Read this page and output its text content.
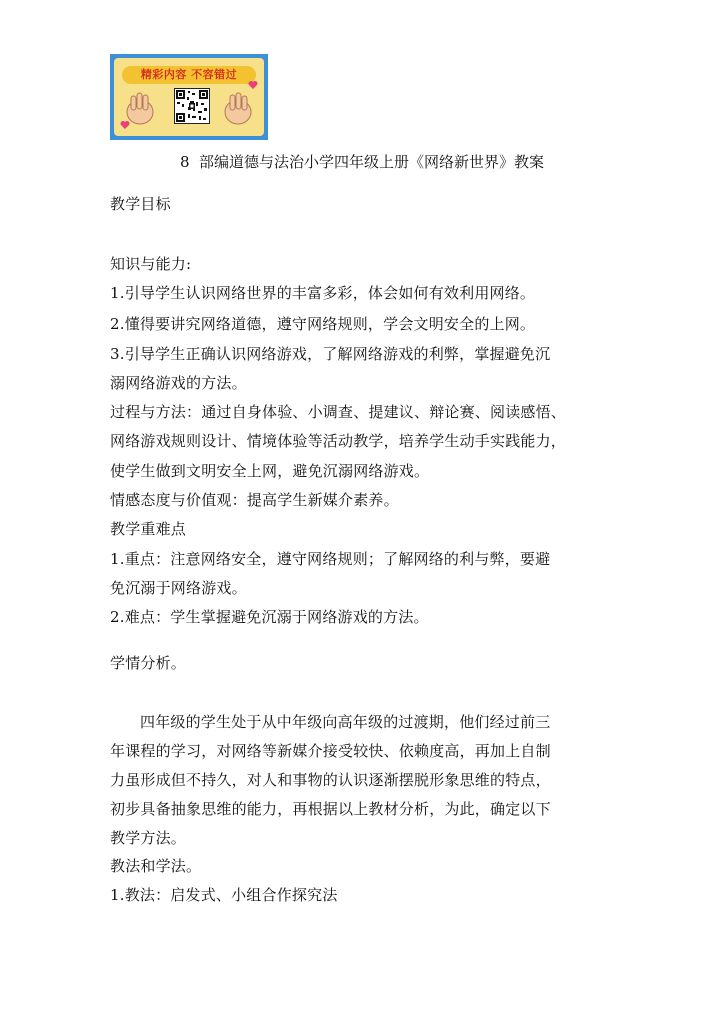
精彩内容 不容错过
8  部编道德与法治小学四年级上册《网络新世界》教案
教学目标
知识与能力:
1.引导学生认识网络世界的丰富多彩，体会如何有效利用网络。
2.懂得要讲究网络道德，遵守网络规则，学会文明安全的上网。
3.引导学生正确认识网络游戏，了解网络游戏的利弊，掌握避免沉
溺网络游戏的方法。
过程与方法：通过自身体验、小调查、提建议、辩论赛、阅读感悟、
网络游戏规则设计、情境体验等活动教学，培养学生动手实践能力，
使学生做到文明安全上网，避免沉溺网络游戏。
情感态度与价值观：提高学生新媒介素养。
教学重难点
1.重点：注意网络安全，遵守网络规则；了解网络的利与弊，要避
免沉溺于网络游戏。
2.难点：学生掌握避免沉溺于网络游戏的方法。
学情分析。
四年级的学生处于从中年级向高年级的过渡期，他们经过前三
年课程的学习，对网络等新媒介接受较快、依赖度高，再加上自制
力虽形成但不持久，对人和事物的认识逐渐摆脱形象思维的特点，
初步具备抽象思维的能力，再根据以上教材分析，为此，确定以下
教学方法。
教法和学法。
1.教法：启发式、小组合作探究法
